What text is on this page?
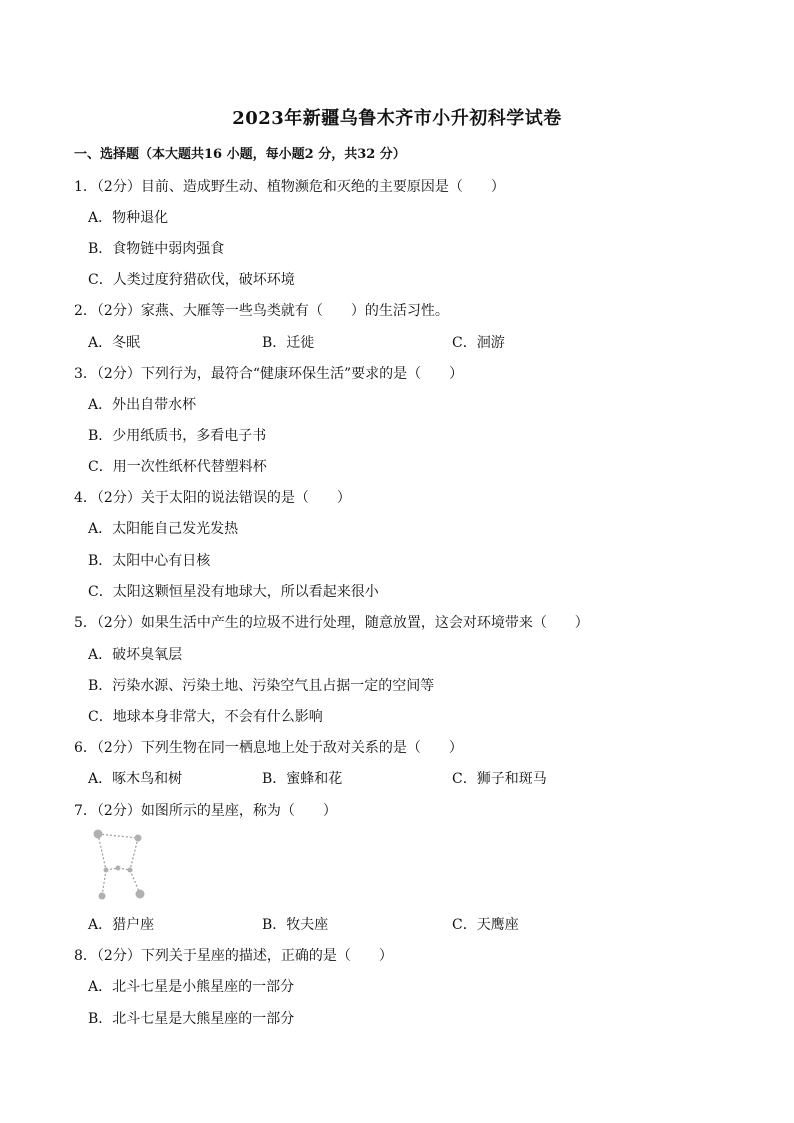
2023年新疆乌鲁木齐市小升初科学试卷
一、选择题（本大题共16 小题，每小题2 分，共32 分）
1．（2分）目前、造成野生动、植物濒危和灭绝的主要原因是（　　）
A．物种退化
B．食物链中弱肉强食
C．人类过度狩猎砍伐，破坏环境
2．（2分）家燕、大雁等一些鸟类就有（　　）的生活习性。
A．冬眠	B．迁徙	C．洄游
3．（2分）下列行为，最符合“健康环保生活”要求的是（　　）
A．外出自带水杯
B．少用纸质书，多看电子书
C．用一次性纸杯代替塑料杯
4．（2分）关于太阳的说法错误的是（　　）
A．太阳能自己发光发热
B．太阳中心有日核
C．太阳这颗恒星没有地球大，所以看起来很小
5．（2分）如果生活中产生的垃圾不进行处理，随意放置，这会对环境带来（　　）
A．破坏臭氧层
B．污染水源、污染土地、污染空气且占据一定的空间等
C．地球本身非常大，不会有什么影响
6．（2分）下列生物在同一栖息地上处于敌对关系的是（　　）
A．啄木鸟和树	B．蜜蜂和花	C．狮子和斑马
7．（2分）如图所示的星座，称为（　　）
A．猎户座	B．牧夫座	C．天鹰座
8．（2分）下列关于星座的描述，正确的是（　　）
A．北斗七星是小熊星座的一部分
B．北斗七星是大熊星座的一部分
